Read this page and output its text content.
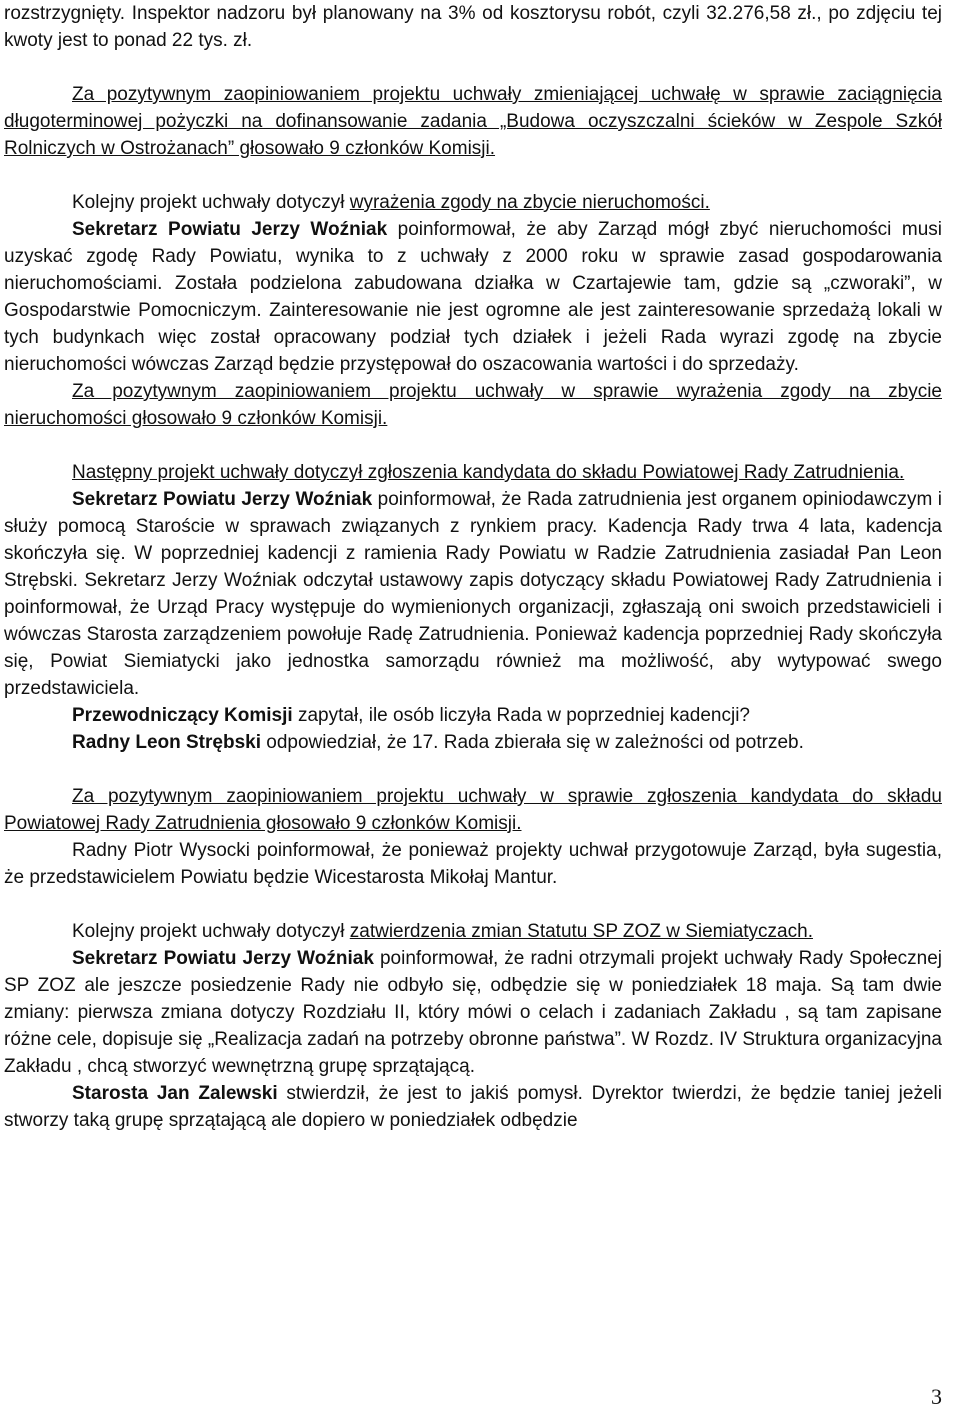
rozstrzygnięty. Inspektor nadzoru był planowany na 3% od kosztorysu robót, czyli 32.276,58 zł., po zdjęciu tej kwoty jest to ponad 22 tys. zł.

Za pozytywnym zaopiniowaniem projektu uchwały zmieniającej uchwałę w sprawie zaciągnięcia długoterminowej pożyczki na dofinansowanie zadania „Budowa oczyszczalni ścieków w Zespole Szkół Rolniczych w Ostrożanach” głosowało 9 członków Komisji.

Kolejny projekt uchwały dotyczył wyrażenia zgody na zbycie nieruchomości.

Sekretarz Powiatu Jerzy Woźniak poinformował, że aby Zarząd mógł zbyć nieruchomości musi uzyskać zgodę Rady Powiatu, wynika to z uchwały z 2000 roku w sprawie zasad gospodarowania nieruchomościami. Została podzielona zabudowana działka w Czartajewie tam, gdzie są „czworaki”, w Gospodarstwie Pomocniczym. Zainteresowanie nie jest ogromne ale jest zainteresowanie sprzedażą lokali w tych budynkach więc został opracowany podział tych działek i jeżeli Rada wyrazi zgodę na zbycie nieruchomości wówczas Zarząd będzie przystępował do oszacowania wartości i do sprzedaży.

Za pozytywnym zaopiniowaniem projektu uchwały w sprawie wyrażenia zgody na zbycie nieruchomości głosowało 9 członków Komisji.

Następny projekt uchwały dotyczył zgłoszenia kandydata do składu Powiatowej Rady Zatrudnienia.

Sekretarz Powiatu Jerzy Woźniak poinformował, że Rada zatrudnienia jest organem opiniodawczym i służy pomocą Staroście w sprawach związanych z rynkiem pracy. Kadencja Rady trwa 4 lata, kadencja skończyła się. W poprzedniej kadencji z ramienia Rady Powiatu w Radzie Zatrudnienia zasiadał Pan Leon Strębski. Sekretarz Jerzy Woźniak odczytał ustawowy zapis dotyczący składu Powiatowej Rady Zatrudnienia i poinformował, że Urząd Pracy występuje do wymienionych organizacji, zgłaszają oni swoich przedstawicieli i wówczas Starosta zarządzeniem powołuje Radę Zatrudnienia. Ponieważ kadencja poprzedniej Rady skończyła się, Powiat Siemiatycki jako jednostka samorządu również ma możliwość, aby wytypować swego przedstawiciela.

Przewodniczący Komisji zapytał, ile osób liczyła Rada w poprzedniej kadencji?

Radny Leon Strębski odpowiedział, że 17. Rada zbierała się w zależności od potrzeb.

Za pozytywnym zaopiniowaniem projektu uchwały w sprawie zgłoszenia kandydata do składu Powiatowej Rady Zatrudnienia głosowało 9 członków Komisji.

Radny Piotr Wysocki poinformował, że ponieważ projekty uchwał przygotowuje Zarząd, była sugestia, że przedstawicielem Powiatu będzie Wicestarosta Mikołaj Mantur.

Kolejny projekt uchwały dotyczył zatwierdzenia zmian Statutu SP ZOZ w Siemiatyczach.

Sekretarz Powiatu Jerzy Woźniak poinformował, że radni otrzymali projekt uchwały Rady Społecznej SP ZOZ ale jeszcze posiedzenie Rady nie odbyło się, odbędzie się w poniedziałek 18 maja. Są tam dwie zmiany: pierwsza zmiana dotyczy Rozdziału II, który mówi o celach i zadaniach Zakładu , są tam zapisane różne cele, dopisuje się „Realizacja zadań na potrzeby obronne państwa”. W Rozdz. IV Struktura organizacyjna Zakładu , chcą stworzyć wewnętrzną grupę sprzątającą.

Starosta Jan Zalewski stwierdził, że jest to jakiś pomysł. Dyrektor twierdzi, że będzie taniej jeżeli stworzy taką grupę sprzątającą ale dopiero w poniedziałek odbędzie

3
